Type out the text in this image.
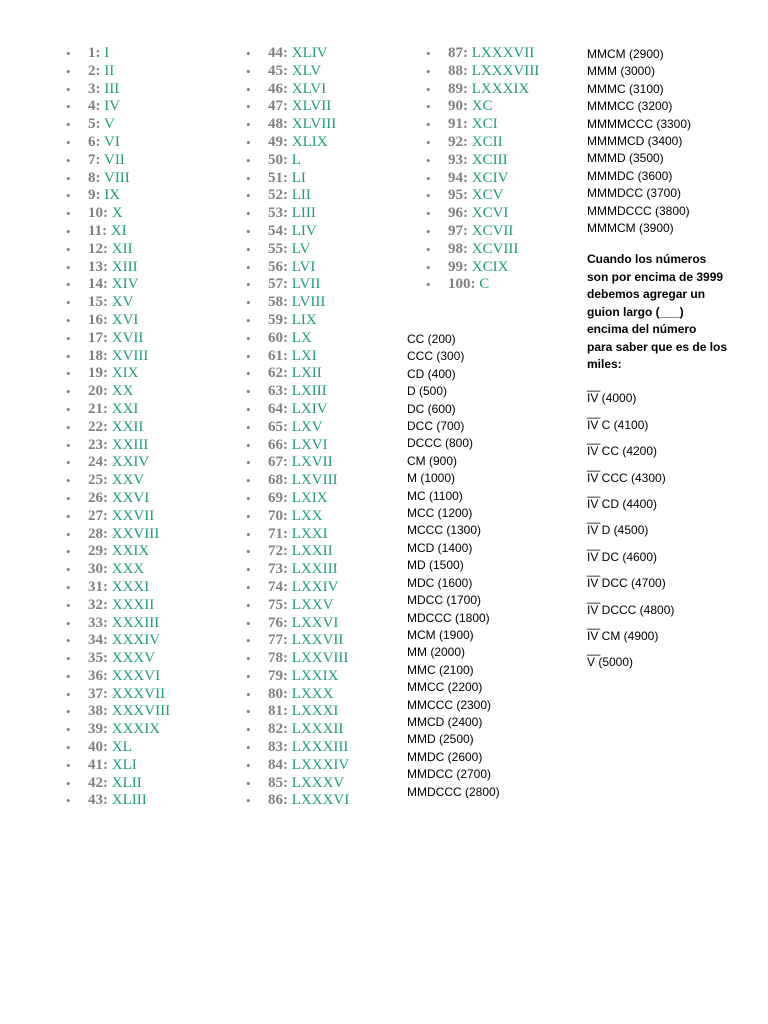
• 1: I
• 2: II
• 3: III
• 4: IV
• 5: V
• 6: VI
• 7: VII
• 8: VIII
• 9: IX
• 10: X
• 11: XI
• 12: XII
• 13: XIII
• 14: XIV
• 15: XV
• 16: XVI
• 17: XVII
• 18: XVIII
• 19: XIX
• 20: XX
• 21: XXI
• 22: XXII
• 23: XXIII
• 24: XXIV
• 25: XXV
• 26: XXVI
• 27: XXVII
• 28: XXVIII
• 29: XXIX
• 30: XXX
• 31: XXXI
• 32: XXXII
• 33: XXXIII
• 34: XXXIV
• 35: XXXV
• 36: XXXVI
• 37: XXXVII
• 38: XXXVIII
• 39: XXXIX
• 40: XL
• 41: XLI
• 42: XLII
• 43: XLIII
• 44: XLIV
• 45: XLV
• 46: XLVI
• 47: XLVII
• 48: XLVIII
• 49: XLIX
• 50: L
• 51: LI
• 52: LII
• 53: LIII
• 54: LIV
• 55: LV
• 56: LVI
• 57: LVII
• 58: LVIII
• 59: LIX
• 60: LX
• 61: LXI
• 62: LXII
• 63: LXIII
• 64: LXIV
• 65: LXV
• 66: LXVI
• 67: LXVII
• 68: LXVIII
• 69: LXIX
• 70: LXX
• 71: LXXI
• 72: LXXII
• 73: LXXIII
• 74: LXXIV
• 75: LXXV
• 76: LXXVI
• 77: LXXVII
• 78: LXXVIII
• 79: LXXIX
• 80: LXXX
• 81: LXXXI
• 82: LXXXII
• 83: LXXXIII
• 84: LXXXIV
• 85: LXXXV
• 86: LXXXVI
• 87: LXXXVII
• 88: LXXXVIII
• 89: LXXXIX
• 90: XC
• 91: XCI
• 92: XCII
• 93: XCIII
• 94: XCIV
• 95: XCV
• 96: XCVI
• 97: XCVII
• 98: XCVIII
• 99: XCIX
• 100: C
CC (200)
CCC (300)
CD (400)
D (500)
DC (600)
DCC (700)
DCCC (800)
CM (900)
M (1000)
MC (1100)
MCC (1200)
MCCC (1300)
MCD (1400)
MD (1500)
MDC (1600)
MDCC (1700)
MDCCC (1800)
MCM (1900)
MM (2000)
MMC (2100)
MMCC (2200)
MMCCC (2300)
MMCD (2400)
MMD (2500)
MMDC (2600)
MMDCC (2700)
MMDCCC (2800)
MMCM (2900)
MMM (3000)
MMMC (3100)
MMMCC (3200)
MMMMCCC (3300)
MMMMCD (3400)
MMMD (3500)
MMMDC (3600)
MMMDCC (3700)
MMMDCCC (3800)
MMMCM (3900)
Cuando los números
son por encima de 3999
debemos agregar un
guion largo (___)
encima del número
para saber que es de los
miles:
__
IV (4000)
__
IV C (4100)
__
IV CC (4200)
__
IV CCC (4300)
__
IV CD (4400)
__
IV D (4500)
__
IV DC (4600)
__
IV DCC (4700)
__
IV DCCC (4800)
__
IV CM (4900)
__
V (5000)
